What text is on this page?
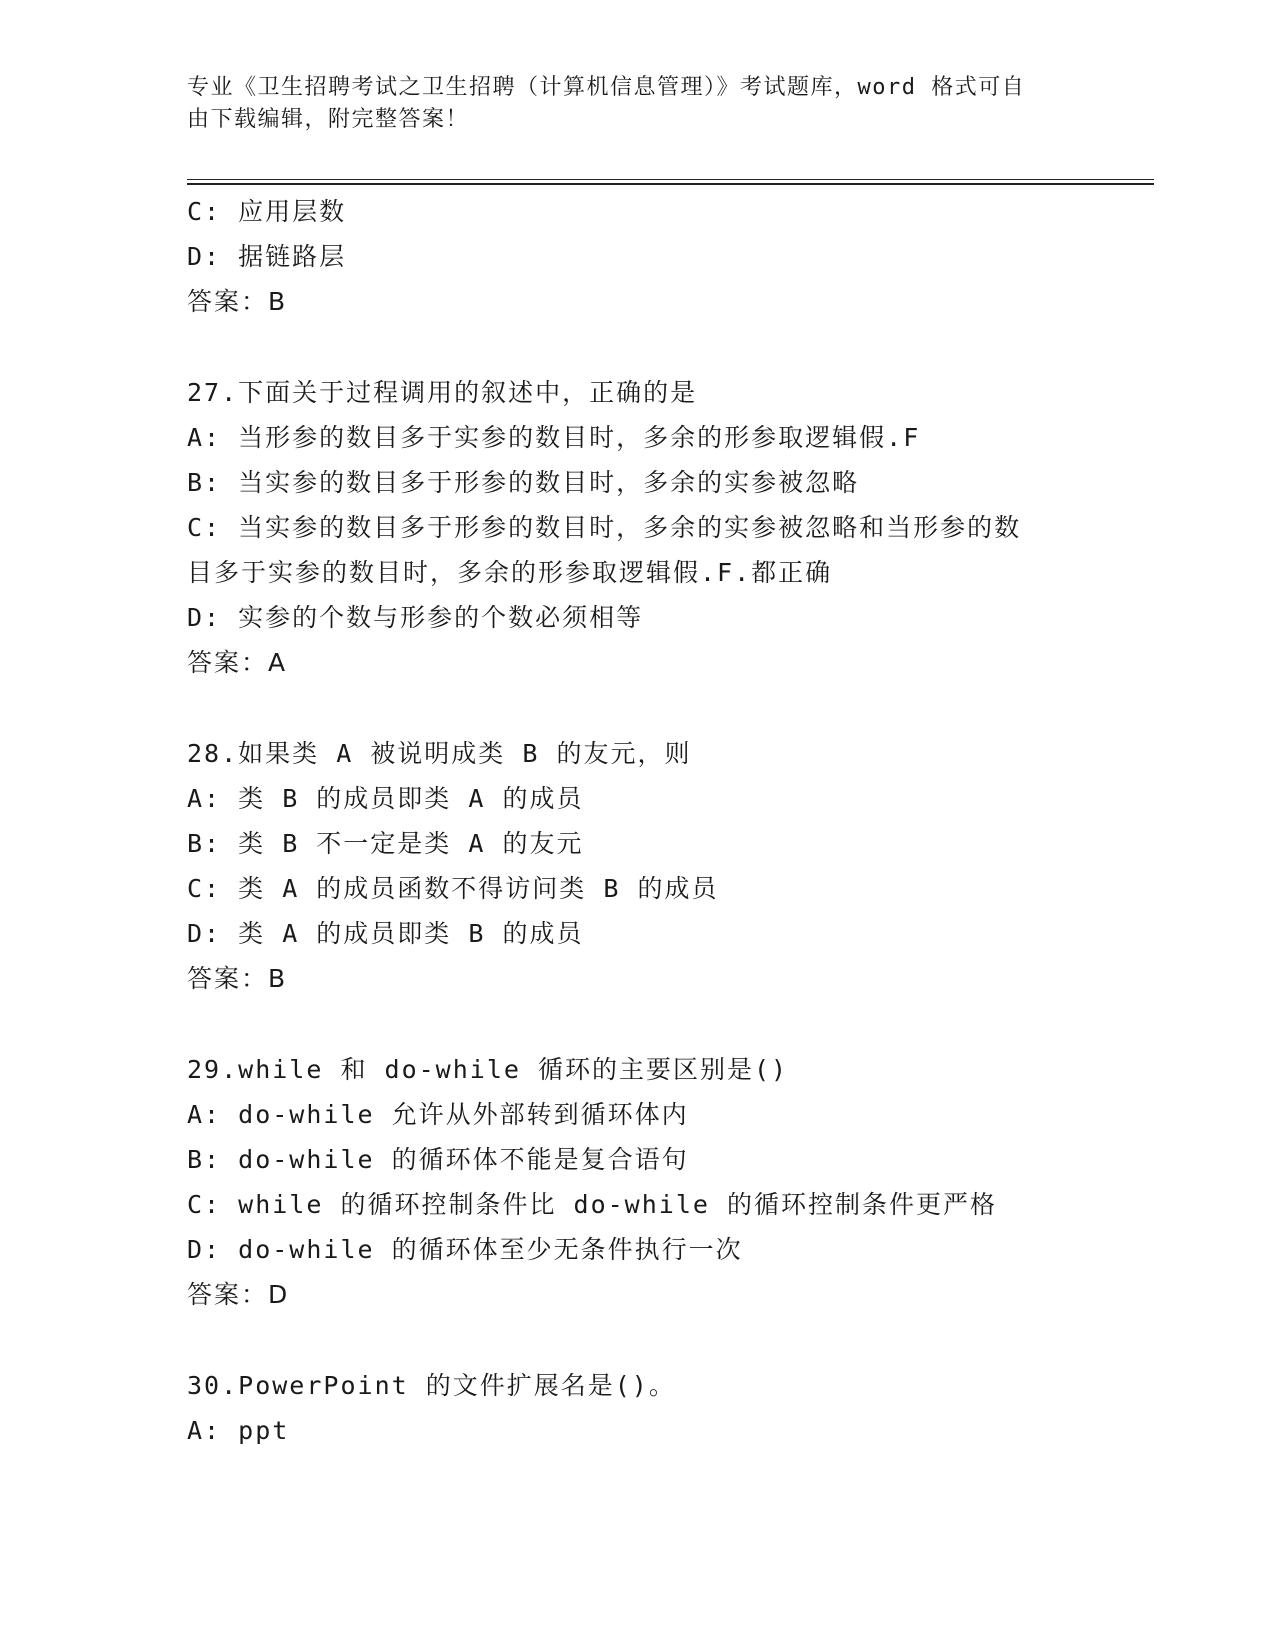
专业《卫生招聘考试之卫生招聘（计算机信息管理）》考试题库，word 格式可自
由下载编辑，附完整答案！
C: 应用层数
D: 据链路层
答案：B
27.下面关于过程调用的叙述中，正确的是
A: 当形参的数目多于实参的数目时，多余的形参取逻辑假.F
B: 当实参的数目多于形参的数目时，多余的实参被忽略
C: 当实参的数目多于形参的数目时，多余的实参被忽略和当形参的数
目多于实参的数目时，多余的形参取逻辑假.F.都正确
D: 实参的个数与形参的个数必须相等
答案：A
28.如果类 A 被说明成类 B 的友元，则
A: 类 B 的成员即类 A 的成员
B: 类 B 不一定是类 A 的友元
C: 类 A 的成员函数不得访问类 B 的成员
D: 类 A 的成员即类 B 的成员
答案：B
29.while 和 do-while 循环的主要区别是()
A: do-while 允许从外部转到循环体内
B: do-while 的循环体不能是复合语句
C: while 的循环控制条件比 do-while 的循环控制条件更严格
D: do-while 的循环体至少无条件执行一次
答案：D
30.PowerPoint 的文件扩展名是()。
A: ppt
